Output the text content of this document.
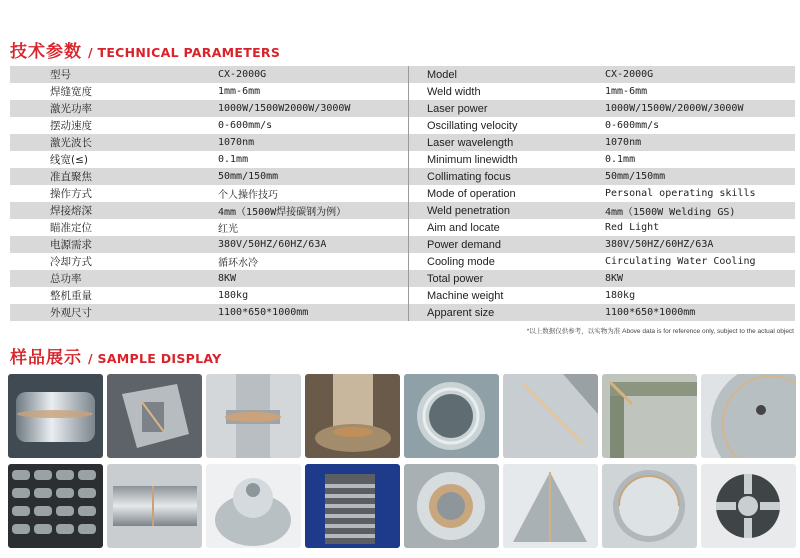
技术参数 / TECHNICAL PARAMETERS
型号	CX-2000G	Model	CX-2000G
焊缝宽度	1mm-6mm	Weld width	1mm-6mm
激光功率	1000W/1500W2000W/3000W	Laser power	1000W/1500W/2000W/3000W
摆动速度	0-600mm/s	Oscillating velocity	0-600mm/s
激光波长	1070nm	Laser wavelength	1070nm
线宽(≤)	0.1mm	Minimum linewidth	0.1mm
准直聚焦	50mm/150mm	Collimating focus	50mm/150mm
操作方式	个人操作技巧	Mode of operation	Personal operating skills
焊接熔深	4mm（1500W焊接碳钢为例）	Weld penetration	4mm（1500W Welding GS)
瞄准定位	红光	Aim and locate	Red Light
电源需求	380V/50HZ/60HZ/63A	Power demand	380V/50HZ/60HZ/63A
冷却方式	循环水冷	Cooling mode	Circulating Water Cooling
总功率	8KW	Total power	8KW
整机重量	180kg	Machine weight	180kg
外观尺寸	1100*650*1000mm	Apparent size	1100*650*1000mm
*以上数据仅供参考，以实物为准 Above data is for reference only, subject to the actual object
样品展示 / SAMPLE DISPLAY
